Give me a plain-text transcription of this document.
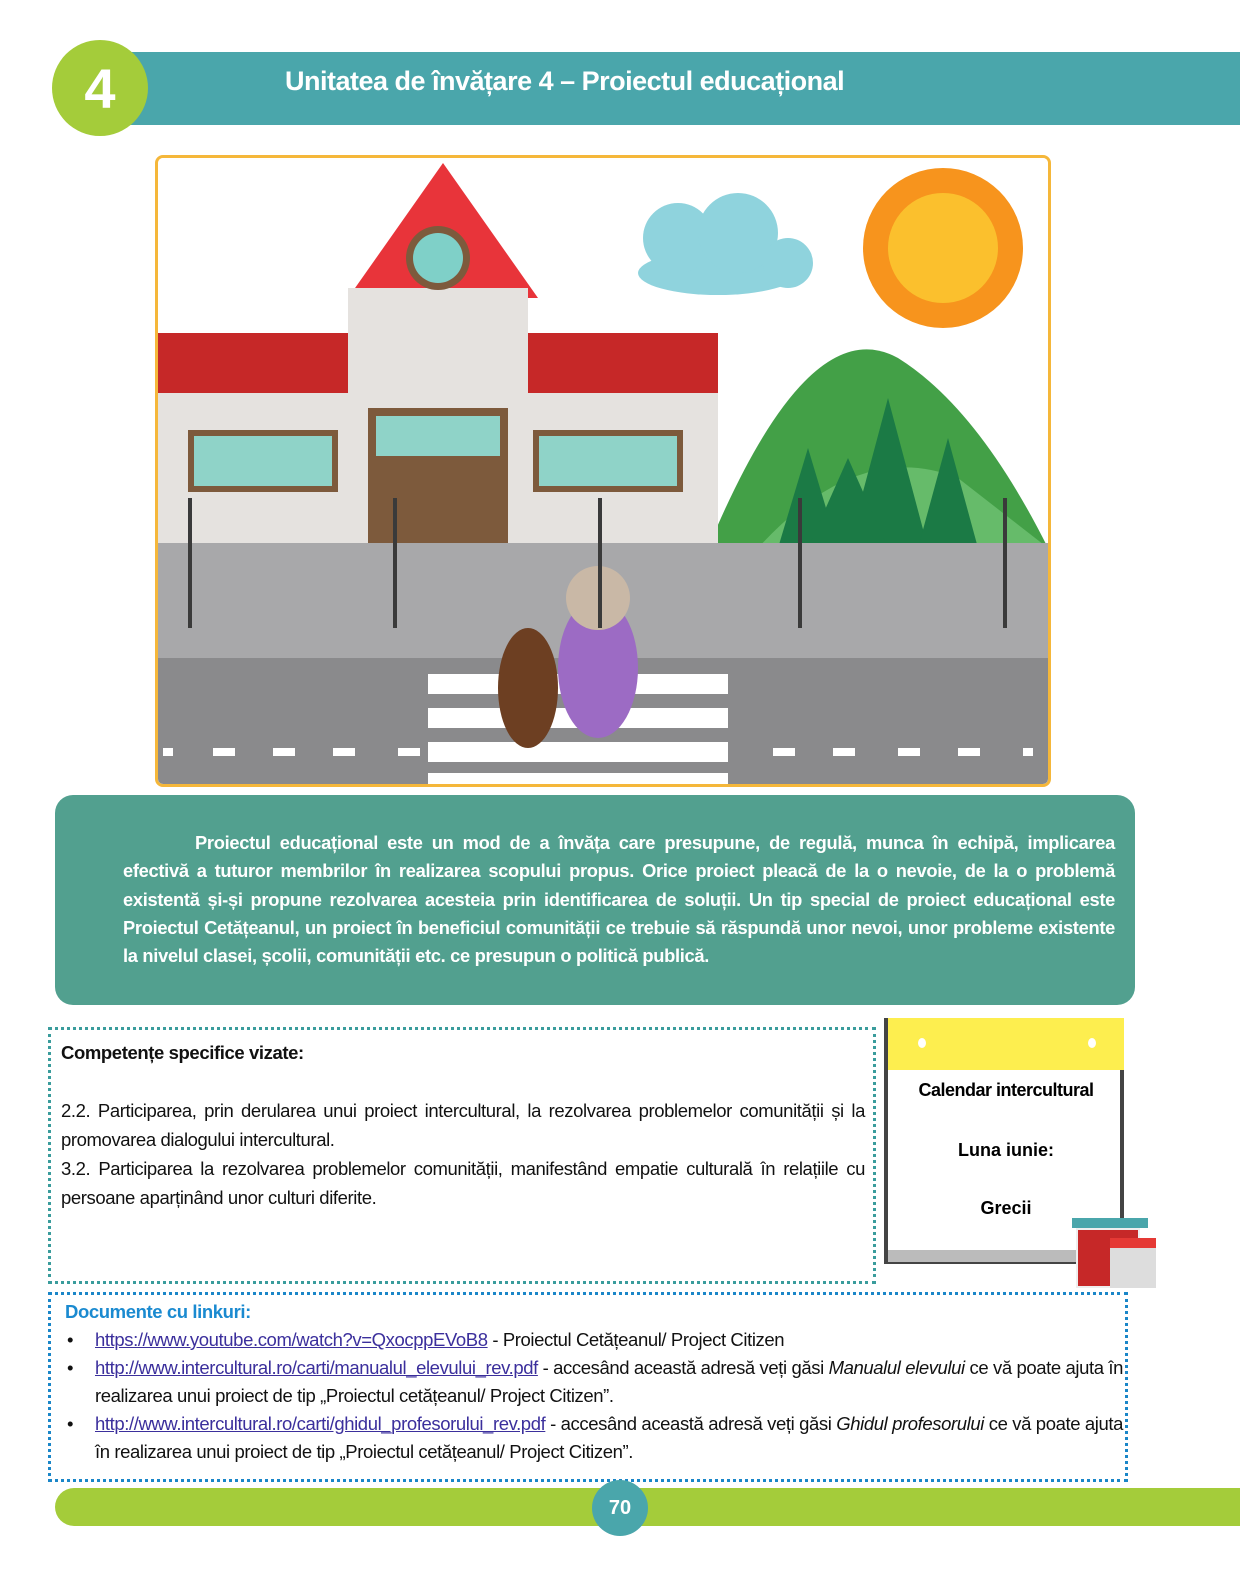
4	Unitatea de învățare 4 – Proiectul educațional
Proiectul educațional este un mod de a învăța care presupune, de regulă, munca în echipă, implicarea efectivă a tuturor membrilor în realizarea scopului propus. Orice proiect pleacă de la o nevoie, de la o problemă existentă și-și propune rezolvarea acesteia prin identificarea de soluții. Un tip special de proiect educațional este Proiectul Cetățeanul, un proiect în beneficiul comunității ce trebuie să răspundă unor nevoi, unor probleme existente la nivelul clasei, școlii, comunității etc. ce presupun o politică publică.
Competențe specifice vizate:

2.2. Participarea, prin derularea unui proiect intercultural, la rezolvarea problemelor comunității și la promovarea dialogului intercultural.

3.2. Participarea la rezolvarea problemelor comunității, manifestând empatie culturală în relațiile cu persoane aparținând unor culturi diferite.

Calendar intercultural
Luna iunie:
Grecii
Documente cu linkuri:
• https://www.youtube.com/watch?v=QxocppEVoB8 - Proiectul Cetățeanul/ Project Citizen
• http://www.intercultural.ro/carti/manualul_elevului_rev.pdf - accesând această adresă veți găsi Manualul elevului ce vă poate ajuta în realizarea unui proiect de tip „Proiectul cetățeanul/ Project Citizen”.
• http://www.intercultural.ro/carti/ghidul_profesorului_rev.pdf - accesând această adresă veți găsi Ghidul profesorului ce vă poate ajuta în realizarea unui proiect de tip „Proiectul cetățeanul/ Project Citizen”.
70
